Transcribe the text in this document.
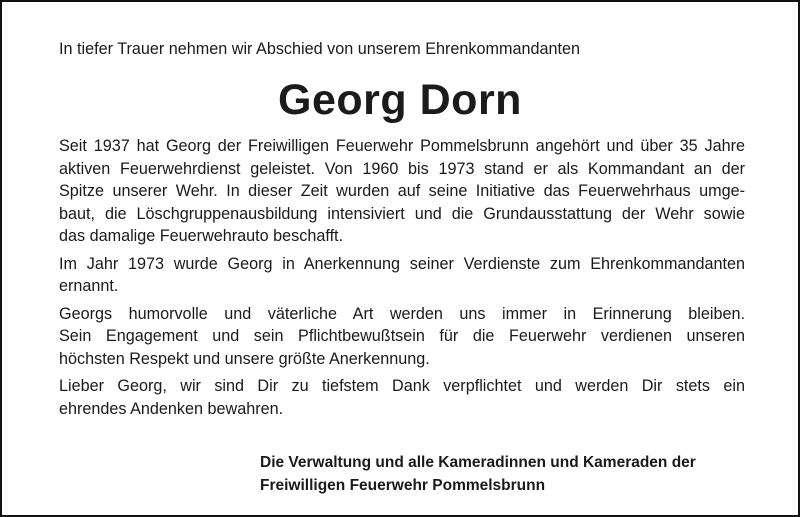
In tiefer Trauer nehmen wir Abschied von unserem Ehrenkommandanten
Georg Dorn
Seit 1937 hat Georg der Freiwilligen Feuerwehr Pommelsbrunn angehört und über 35 Jahre
aktiven Feuerwehrdienst geleistet. Von 1960 bis 1973 stand er als Kommandant an der
Spitze unserer Wehr. In dieser Zeit wurden auf seine Initiative das Feuerwehrhaus umge-
baut, die Löschgruppenausbildung intensiviert und die Grundausstattung der Wehr sowie
das damalige Feuerwehrauto beschafft.
Im Jahr 1973 wurde Georg in Anerkennung seiner Verdienste zum Ehrenkommandanten
ernannt.
Georgs humorvolle und väterliche Art werden uns immer in Erinnerung bleiben.
Sein Engagement und sein Pflichtbewußtsein für die Feuerwehr verdienen unseren
höchsten Respekt und unsere größte Anerkennung.
Lieber Georg, wir sind Dir zu tiefstem Dank verpflichtet und werden Dir stets ein
ehrendes Andenken bewahren.
Die Verwaltung und alle Kameradinnen und Kameraden der
Freiwilligen Feuerwehr Pommelsbrunn
